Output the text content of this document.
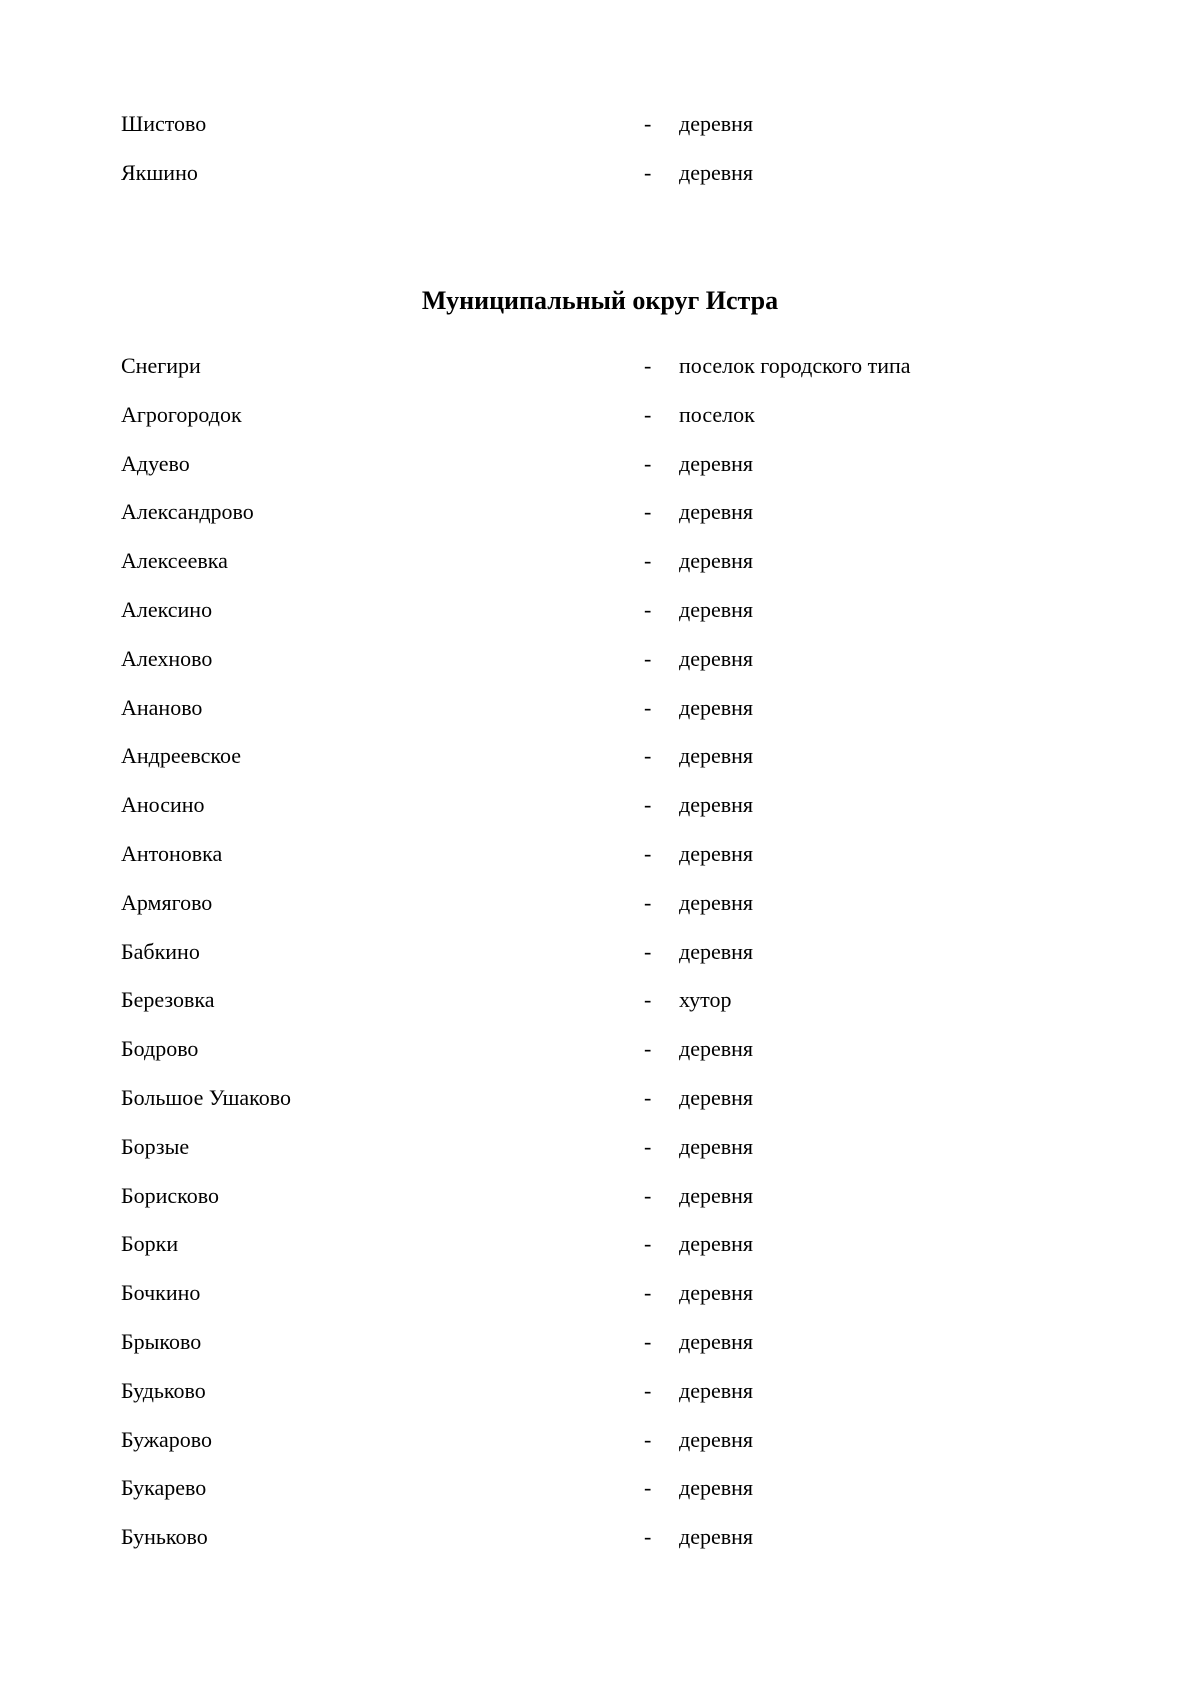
Шистово	- деревня
Якшино	- деревня
Муниципальный округ Истра
Снегири	- поселок городского типа
Агрогородок	- поселок
Адуево	- деревня
Александрово	- деревня
Алексеевка	- деревня
Алексино	- деревня
Алехново	- деревня
Ананово	- деревня
Андреевское	- деревня
Аносино	- деревня
Антоновка	- деревня
Армягово	- деревня
Бабкино	- деревня
Березовка	- хутор
Бодрово	- деревня
Большое Ушаково	- деревня
Борзые	- деревня
Борисково	- деревня
Борки	- деревня
Бочкино	- деревня
Брыково	- деревня
Будьково	- деревня
Бужарово	- деревня
Букарево	- деревня
Буньково	- деревня
